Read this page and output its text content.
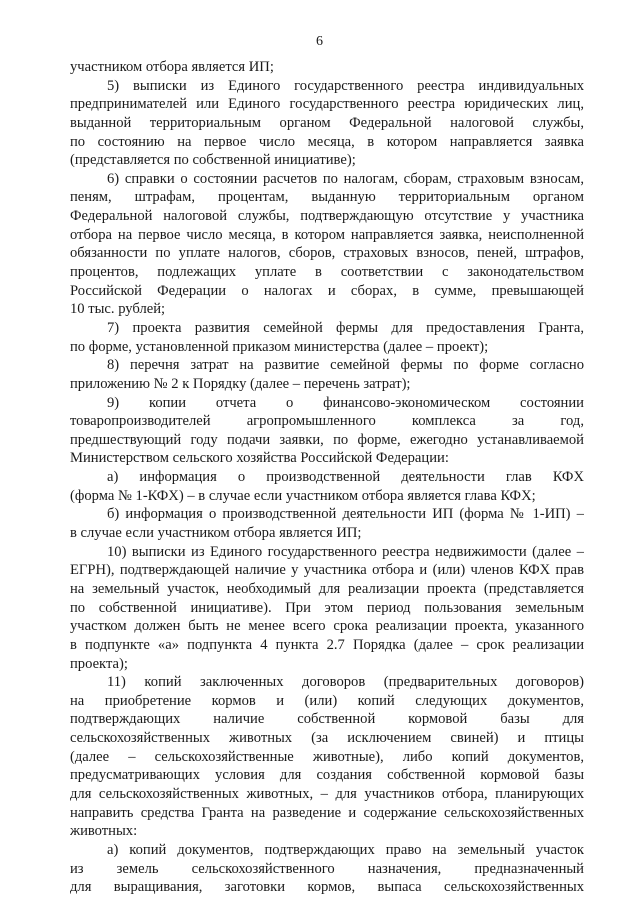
6
участником отбора является ИП;
5) выписки из Единого государственного реестра индивидуальных
предпринимателей или Единого государственного реестра юридических лиц,
выданной территориальным органом Федеральной налоговой службы,
по состоянию на первое число месяца, в котором направляется заявка
(представляется по собственной инициативе);
6) справки о состоянии расчетов по налогам, сборам, страховым взносам,
пеням, штрафам, процентам, выданную территориальным органом
Федеральной налоговой службы, подтверждающую отсутствие у участника
отбора на первое число месяца, в котором направляется заявка, неисполненной
обязанности по уплате налогов, сборов, страховых взносов, пеней, штрафов,
процентов, подлежащих уплате в соответствии с законодательством
Российской Федерации о налогах и сборах, в сумме, превышающей
10 тыс. рублей;
7) проекта развития семейной фермы для предоставления Гранта,
по форме, установленной приказом министерства (далее – проект);
8) перечня затрат на развитие семейной фермы по форме согласно
приложению № 2 к Порядку (далее – перечень затрат);
9) копии отчета о финансово-экономическом состоянии
товаропроизводителей агропромышленного комплекса за год,
предшествующий году подачи заявки, по форме, ежегодно устанавливаемой
Министерством сельского хозяйства Российской Федерации:
а) информация о производственной деятельности глав КФХ
(форма № 1-КФХ) – в случае если участником отбора является глава КФХ;
б) информация о производственной деятельности ИП (форма № 1-ИП) –
в случае если участником отбора является ИП;
10) выписки из Единого государственного реестра недвижимости (далее –
ЕГРН), подтверждающей наличие у участника отбора и (или) членов КФХ прав
на земельный участок, необходимый для реализации проекта (представляется
по собственной инициативе). При этом период пользования земельным
участком должен быть не менее всего срока реализации проекта, указанного
в подпункте «а» подпункта 4 пункта 2.7 Порядка (далее – срок реализации
проекта);
11) копий заключенных договоров (предварительных договоров)
на приобретение кормов и (или) копий следующих документов,
подтверждающих наличие собственной кормовой базы для
сельскохозяйственных животных (за исключением свиней) и птицы
(далее – сельскохозяйственные животные), либо копий документов,
предусматривающих условия для создания собственной кормовой базы
для сельскохозяйственных животных, – для участников отбора, планирующих
направить средства Гранта на разведение и содержание сельскохозяйственных
животных:
а) копий документов, подтверждающих право на земельный участок
из земель сельскохозяйственного назначения, предназначенный
для выращивания, заготовки кормов, выпаса сельскохозяйственных
